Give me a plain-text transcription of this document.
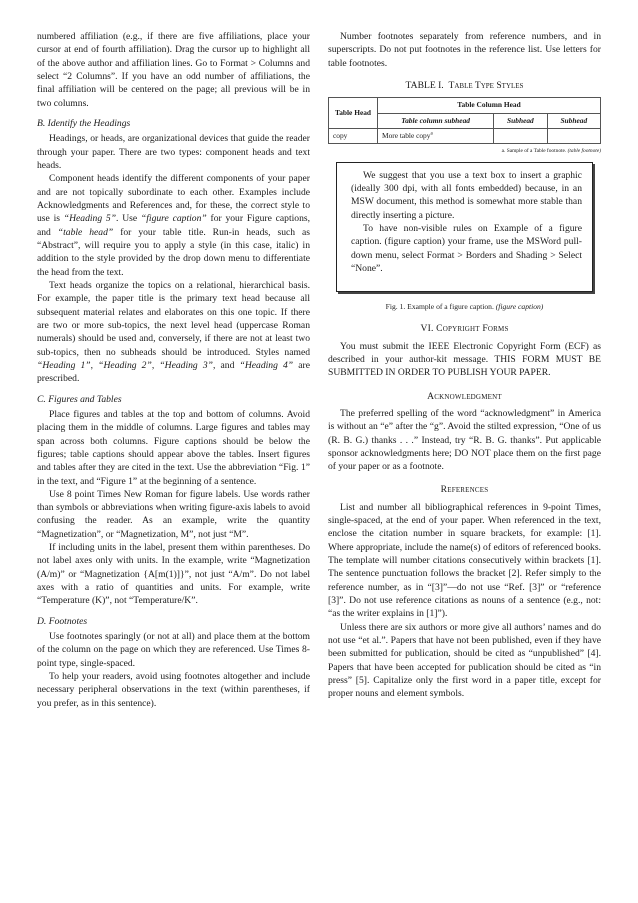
numbered affiliation (e.g., if there are five affiliations, place your cursor at end of fourth affiliation). Drag the cursor up to highlight all of the above author and affiliation lines. Go to Format > Columns and select “2 Columns”. If you have an odd number of affiliations, the final affiliation will be centered on the page; all previous will be in two columns.

B. Identify the Headings

Headings, or heads, are organizational devices that guide the reader through your paper. There are two types: component heads and text heads.

Component heads identify the different components of your paper and are not topically subordinate to each other. Examples include Acknowledgments and References and, for these, the correct style to use is “Heading 5”. Use “figure caption” for your Figure captions, and “table head” for your table title. Run-in heads, such as “Abstract”, will require you to apply a style (in this case, italic) in addition to the style provided by the drop down menu to differentiate the head from the text.

Text heads organize the topics on a relational, hierarchical basis. For example, the paper title is the primary text head because all subsequent material relates and elaborates on this one topic. If there are two or more sub-topics, the next level head (uppercase Roman numerals) should be used and, conversely, if there are not at least two sub-topics, then no subheads should be introduced. Styles named “Heading 1”, “Heading 2”, “Heading 3”, and “Heading 4” are prescribed.

C. Figures and Tables

Place figures and tables at the top and bottom of columns. Avoid placing them in the middle of columns. Large figures and tables may span across both columns. Figure captions should be below the figures; table captions should appear above the tables. Insert figures and tables after they are cited in the text. Use the abbreviation “Fig. 1” in the text, and “Figure 1” at the beginning of a sentence.

Use 8 point Times New Roman for figure labels. Use words rather than symbols or abbreviations when writing figure-axis labels to avoid confusing the reader. As an example, write the quantity “Magnetization”, or “Magnetization, M”, not just “M”.

If including units in the label, present them within parentheses. Do not label axes only with units. In the example, write “Magnetization (A/m)” or “Magnetization {A[m(1)]}”, not just “A/m”. Do not label axes with a ratio of quantities and units. For example, write “Temperature (K)”, not “Temperature/K”.

D. Footnotes

Use footnotes sparingly (or not at all) and place them at the bottom of the column on the page on which they are referenced. Use Times 8-point type, single-spaced.

To help your readers, avoid using footnotes altogether and include necessary peripheral observations in the text (within parentheses, if you prefer, as in this sentence).

Number footnotes separately from reference numbers, and in superscripts. Do not put footnotes in the reference list. Use letters for table footnotes.

TABLE I. Table Type Styles
Table Head	Table Column Head		
	Table column subhead	Subhead	Subhead
copy	More table copy$^a$		
a. Sample of a Table footnote. (table footnote)

We suggest that you use a text box to insert a graphic (ideally 300 dpi, with all fonts embedded) because, in an MSW document, this method is somewhat more stable than directly inserting a picture.

To have non-visible rules on Example of a figure caption. (figure caption) your frame, use the MSWord pull-down menu, select Format > Borders and Shading > Select “None”.

Fig. 1. Example of a figure caption. (figure caption)
VI. Copyright Forms

You must submit the IEEE Electronic Copyright Form (ECF) as described in your author-kit message. THIS FORM MUST BE SUBMITTED IN ORDER TO PUBLISH YOUR PAPER.

Acknowledgment

The preferred spelling of the word “acknowledgment” in America is without an “e” after the “g”. Avoid the stilted expression, “One of us (R. B. G.) thanks . . .” Instead, try “R. B. G. thanks”. Put applicable sponsor acknowledgments here; DO NOT place them on the first page of your paper or as a footnote.

References

List and number all bibliographical references in 9-point Times, single-spaced, at the end of your paper. When referenced in the text, enclose the citation number in square brackets, for example: [1]. Where appropriate, include the name(s) of editors of referenced books. The template will number citations consecutively within brackets [1]. The sentence punctuation follows the bracket [2]. Refer simply to the reference number, as in “[3]”—do not use “Ref. [3]” or “reference [3]”. Do not use reference citations as nouns of a sentence (e.g., not: “as the writer explains in [1]”).

Unless there are six authors or more give all authors’ names and do not use “et al.”. Papers that have not been published, even if they have been submitted for publication, should be cited as “unpublished” [4]. Papers that have been accepted for publication should be cited as “in press” [5]. Capitalize only the first word in a paper title, except for proper nouns and element symbols.
